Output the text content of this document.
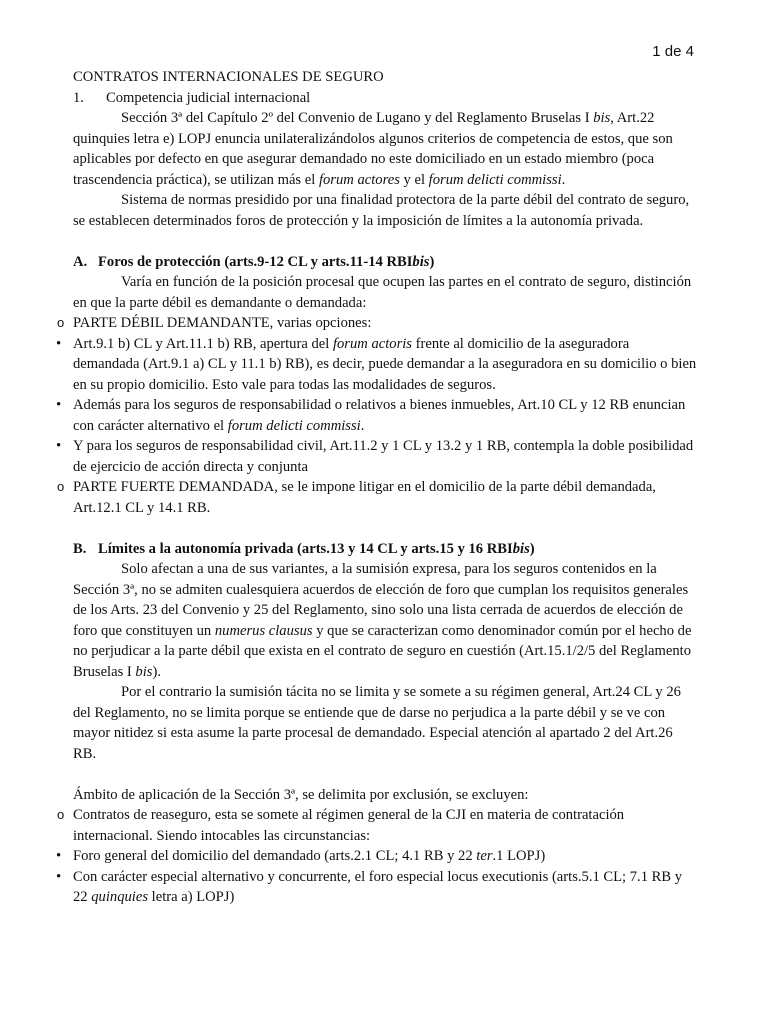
1 de 4

CONTRATOS INTERNACIONALES DE SEGURO

1.	Competencia judicial internacional

Sección 3ª del Capítulo 2º del Convenio de Lugano y del Reglamento Bruselas I bis, Art.22 quinquies letra e) LOPJ enuncia unilateralizándolos algunos criterios de competencia de estos, que son aplicables por defecto en que asegurar demandado no este domiciliado en un estado miembro (poca trascendencia práctica), se utilizan más el forum actores y el forum delicti commissi.

Sistema de normas presidido por una finalidad protectora de la parte débil del contrato de seguro, se establecen determinados foros de protección y la imposición de límites a la autonomía privada.

A. Foros de protección (arts.9-12 CL y arts.11-14 RBIbis)

Varía en función de la posición procesal que ocupen las partes en el contrato de seguro, distinción en que la parte débil es demandante o demandada:

o PARTE DÉBIL DEMANDANTE, varias opciones:
• Art.9.1 b) CL y Art.11.1 b) RB, apertura del forum actoris frente al domicilio de la aseguradora demandada (Art.9.1 a) CL y 11.1 b) RB), es decir, puede demandar a la aseguradora en su domicilio o bien en su propio domicilio. Esto vale para todas las modalidades de seguros.
• Además para los seguros de responsabilidad o relativos a bienes inmuebles, Art.10 CL y 12 RB enuncian con carácter alternativo el forum delicti commissi.
• Y para los seguros de responsabilidad civil, Art.11.2 y 1 CL y 13.2 y 1 RB, contempla la doble posibilidad de ejercicio de acción directa y conjunta
o PARTE FUERTE DEMANDADA, se le impone litigar en el domicilio de la parte débil demandada, Art.12.1 CL y 14.1 RB.
B. Límites a la autonomía privada (arts.13 y 14 CL y arts.15 y 16 RBIbis)

Solo afectan a una de sus variantes, a la sumisión expresa, para los seguros contenidos en la Sección 3ª, no se admiten cualesquiera acuerdos de elección de foro que cumplan los requisitos generales de los Arts. 23 del Convenio y 25 del Reglamento, sino solo una lista cerrada de acuerdos de elección de foro que constituyen un numerus clausus y que se caracterizan como denominador común por el hecho de no perjudicar a la parte débil que exista en el contrato de seguro en cuestión (Art.15.1/2/5 del Reglamento Bruselas I bis).

Por el contrario la sumisión tácita no se limita y se somete a su régimen general, Art.24 CL y 26 del Reglamento, no se limita porque se entiende que de darse no perjudica a la parte débil y se ve con mayor nitidez si esta asume la parte procesal de demandado. Especial atención al apartado 2 del Art.26 RB.

Ámbito de aplicación de la Sección 3ª, se delimita por exclusión, se excluyen:

o Contratos de reaseguro, esta se somete al régimen general de la CJI en materia de contratación internacional. Siendo intocables las circunstancias:
• Foro general del domicilio del demandado (arts.2.1 CL; 4.1 RB y 22 ter.1 LOPJ)
• Con carácter especial alternativo y concurrente, el foro especial locus executionis (arts.5.1 CL; 7.1 RB y 22 quinquies letra a) LOPJ)
